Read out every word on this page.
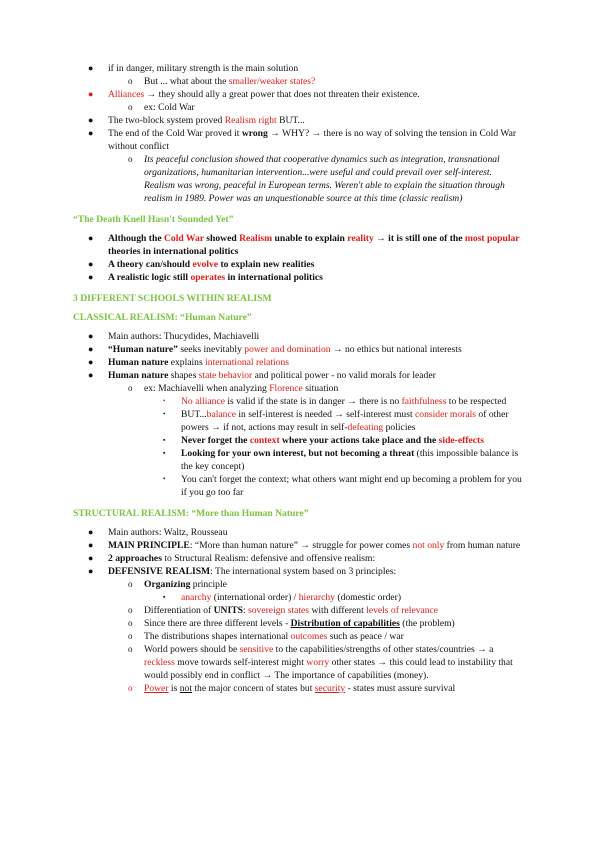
● if in danger, military strength is the main solution
o But ... what about the smaller/weaker states?
● Alliances → they should ally a great power that does not threaten their existence.
o ex: Cold War
● The two-block system proved Realism right BUT...
● The end of the Cold War proved it wrong → WHY? → there is no way of solving the tension in Cold War without conflict
o Its peaceful conclusion showed that cooperative dynamics such as integration, transnational organizations, humanitarian intervention...were useful and could prevail over self-interest. Realism was wrong, peaceful in European terms. Weren't able to explain the situation through realism in 1989. Power was an unquestionable source at this time (classic realism)
“The Death Knell Hasn't Sounded Yet”
● Although the Cold War showed Realism unable to explain reality → it is still one of the most popular theories in international politics
● A theory can/should evolve to explain new realities
● A realistic logic still operates in international politics
3 DIFFERENT SCHOOLS WITHIN REALISM
CLASSICAL REALISM: “Human Nature”
● Main authors: Thucydides, Machiavelli
● “Human nature” seeks inevitably power and domination → no ethics but national interests
● Human nature explains international relations
● Human nature shapes state behavior and political power - no valid morals for leader
o ex: Machiavelli when analyzing Florence situation
• No alliance is valid if the state is in danger → there is no faithfulness to be respected
• BUT...balance in self-interest is needed → self-interest must consider morals of other powers → if not, actions may result in self-defeating policies
▪ Never forget the context where your actions take place and the side-effects
▪ Looking for your own interest, but not becoming a threat (this impossible balance is the key concept)
• You can't forget the context; what others want might end up becoming a problem for you if you go too far
STRUCTURAL REALISM: “More than Human Nature”
● Main authors: Waltz, Rousseau
● MAIN PRINCIPLE: “More than human nature” → struggle for power comes not only from human nature
● 2 approaches to Structural Realism: defensive and offensive realism:
● DEFENSIVE REALISM: The international system based on 3 principles:
o Organizing principle
▪ anarchy (international order) / hierarchy (domestic order)
o Differentiation of UNITS: sovereign states with different levels of relevance
o Since there are three different levels - Distribution of capabilities (the problem)
o The distributions shapes international outcomes such as peace / war
o World powers should be sensitive to the capabilities/strengths of other states/countries → a reckless move towards self-interest might worry other states → this could lead to instability that would possibly end in conflict → The importance of capabilities (money).
o Power is not the major concern of states but security - states must assure survival
